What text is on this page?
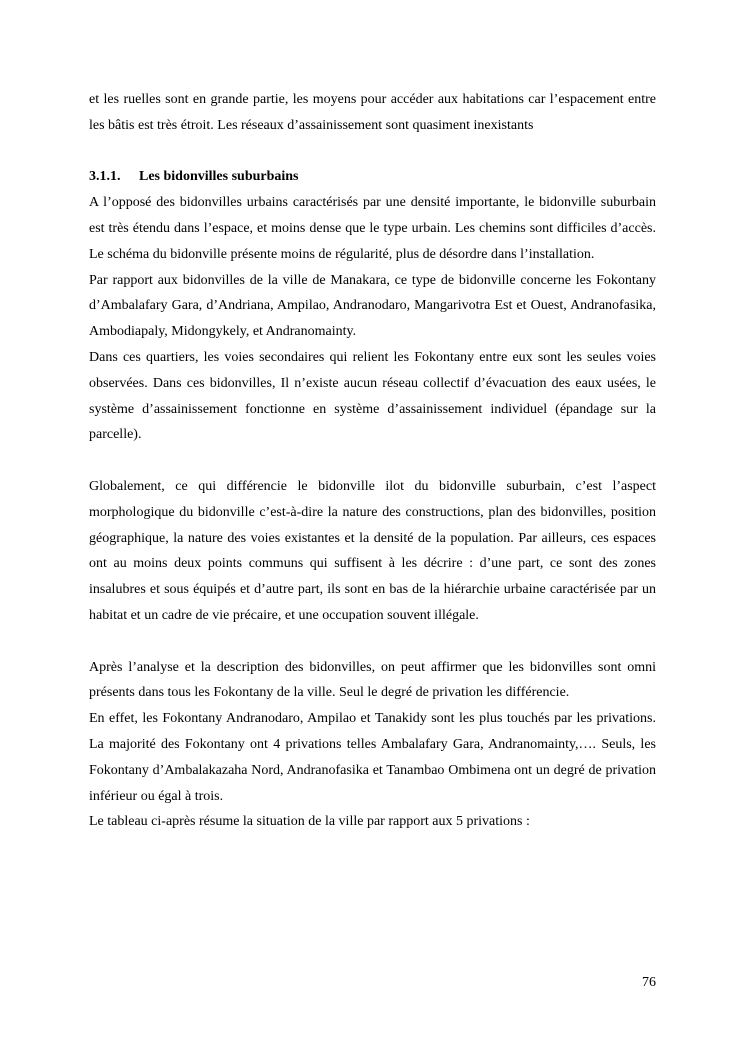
et les ruelles sont en grande partie, les moyens pour accéder aux habitations car l’espacement entre les bâtis est très étroit. Les réseaux d’assainissement sont quasiment inexistants

3.1.1. Les bidonvilles suburbains

A l’opposé des bidonvilles urbains caractérisés par une densité importante, le bidonville suburbain est très étendu dans l’espace, et moins dense que le type urbain. Les chemins sont difficiles d’accès. Le schéma du bidonville présente moins de régularité, plus de désordre dans l’installation.

Par rapport aux bidonvilles de la ville de Manakara, ce type de bidonville concerne les Fokontany d’Ambalafary Gara, d’Andriana, Ampilao, Andranodaro, Mangarivotra Est et Ouest, Andranofasika, Ambodiapaly, Midongykely, et Andranomainty.

Dans ces quartiers, les voies secondaires qui relient les Fokontany entre eux sont les seules voies observées. Dans ces bidonvilles, Il n’existe aucun réseau collectif d’évacuation des eaux usées, le système d’assainissement fonctionne en système d’assainissement individuel (épandage sur la parcelle).

Globalement, ce qui différencie le bidonville ilot du bidonville suburbain, c’est l’aspect morphologique du bidonville c’est-à-dire la nature des constructions, plan des bidonvilles, position géographique, la nature des voies existantes et la densité de la population. Par ailleurs, ces espaces ont au moins deux points communs qui suffisent à les décrire : d’une part, ce sont des zones insalubres et sous équipés et d’autre part, ils sont en bas de la hiérarchie urbaine caractérisée par un habitat et un cadre de vie précaire, et une occupation souvent illégale.

Après l’analyse et la description des bidonvilles, on peut affirmer que les bidonvilles sont omni présents dans tous les Fokontany de la ville. Seul le degré de privation les différencie.

En effet, les Fokontany Andranodaro, Ampilao et Tanakidy sont les plus touchés par les privations. La majorité des Fokontany ont 4 privations telles Ambalafary Gara, Andranomainty,…. Seuls, les Fokontany d’Ambalakazaha Nord, Andranofasika et Tanambao Ombimena ont un degré de privation inférieur ou égal à trois.

Le tableau ci-après résume la situation de la ville par rapport aux 5 privations :

76
